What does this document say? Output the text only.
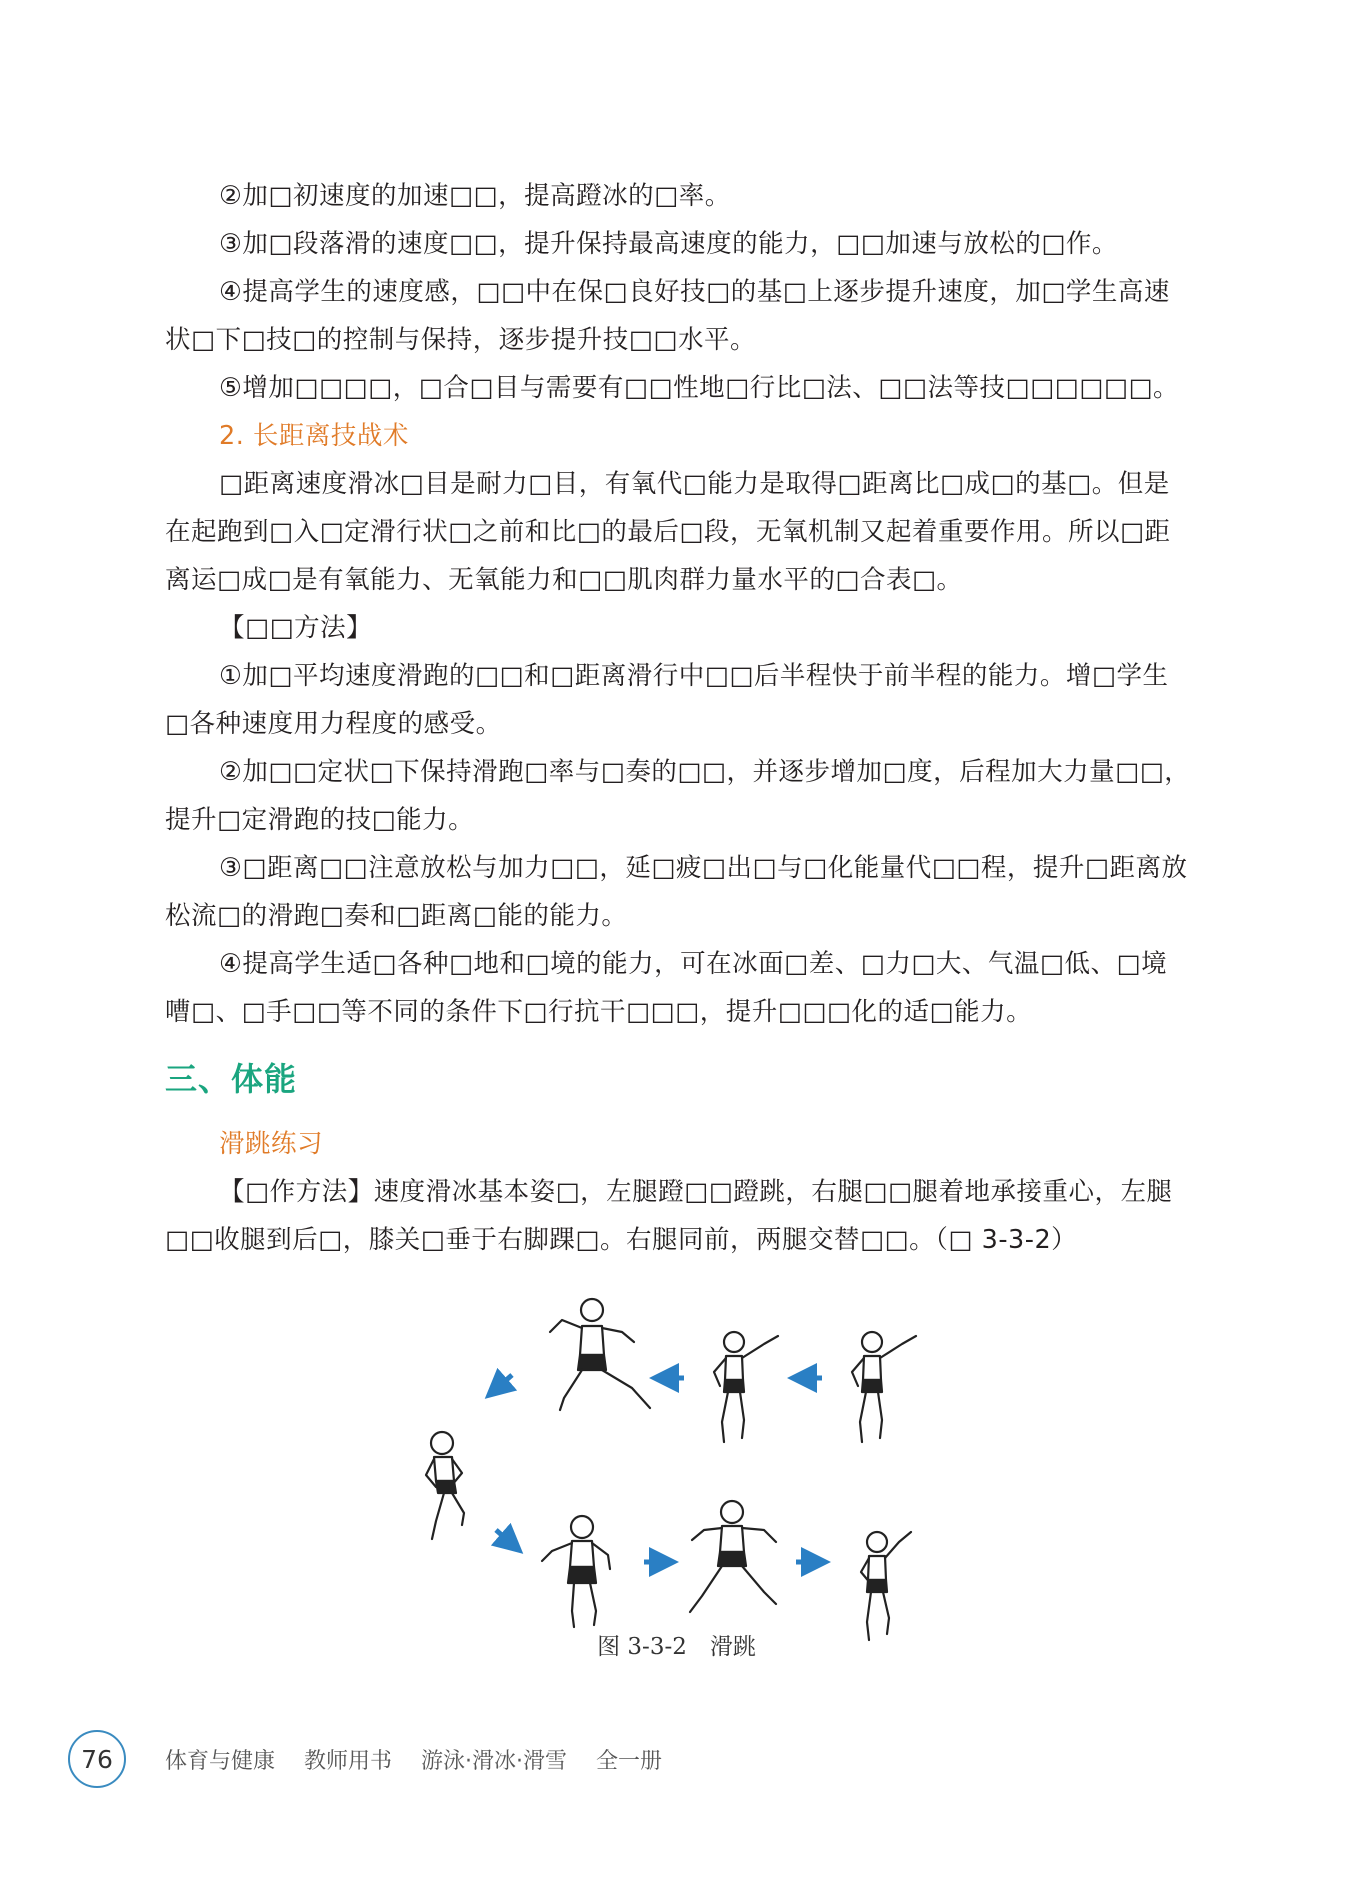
②加□初速度的加速□□，提高蹬冰的□率。

③加□段落滑的速度□□，提升保持最高速度的能力，□□加速与放松的□作。

④提高学生的速度感，□□中在保□良好技□的基□上逐步提升速度，加□学生高速状□下□技□的控制与保持，逐步提升技□□水平。

⑤增加□□□□，□合□目与需要有□□性地□行比□法、□□法等技□□□□□□。

2. 长距离技战术

□距离速度滑冰□目是耐力□目，有氧代□能力是取得□距离比□成□的基□。但是在起跑到□入□定滑行状□之前和比□的最后□段，无氧机制又起着重要作用。所以□距离运□成□是有氧能力、无氧能力和□□肌肉群力量水平的□合表□。

【□□方法】

①加□平均速度滑跑的□□和□距离滑行中□□后半程快于前半程的能力。增□学生□各种速度用力程度的感受。

②加□□定状□下保持滑跑□率与□奏的□□，并逐步增加□度，后程加大力量□□，提升□定滑跑的技□能力。

③□距离□□注意放松与加力□□，延□疲□出□与□化能量代□□程，提升□距离放松流□的滑跑□奏和□距离□能的能力。

④提高学生适□各种□地和□境的能力，可在冰面□差、□力□大、气温□低、□境嘈□、□手□□等不同的条件下□行抗干□□□，提升□□□化的适□能力。

三、体能

滑跳练习

【□作方法】速度滑冰基本姿□，左腿蹬□□蹬跳，右腿□□腿着地承接重心，左腿□□收腿到后□，膝关□垂于右脚踝□。右腿同前，两腿交替□□。（□ 3-3-2）

图 3-3-2　滑跳
76	体育与健康 教师用书 游泳·滑冰·滑雪 全一册
